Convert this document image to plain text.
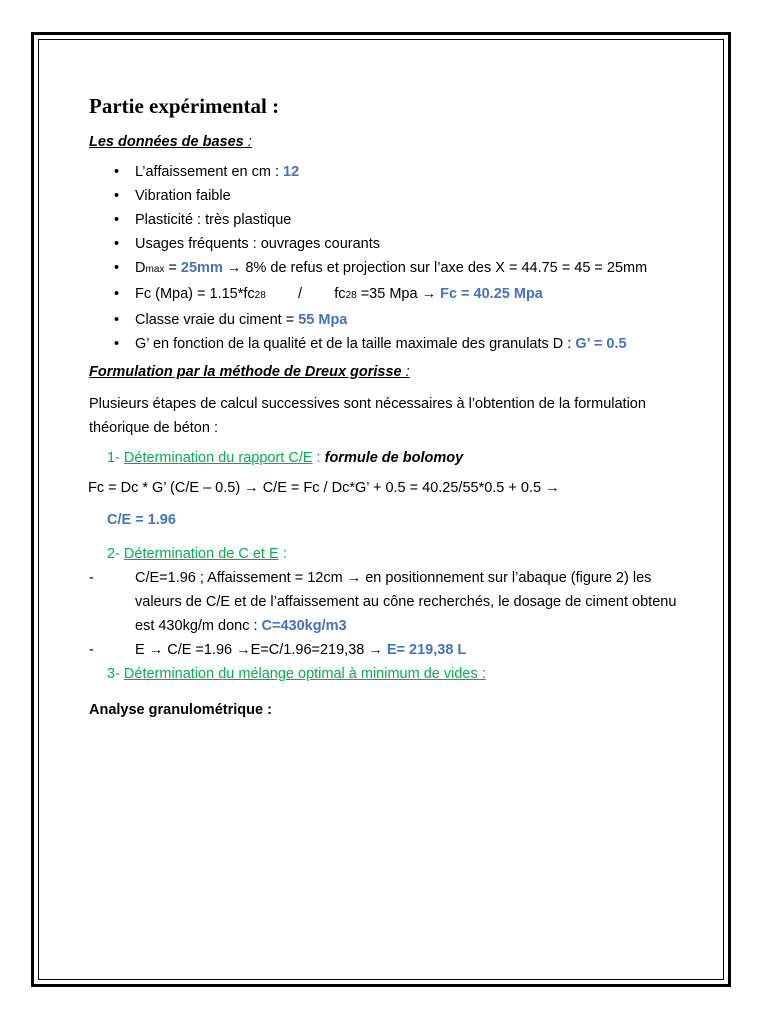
Partie expérimental :

Les données de bases :

• L’affaissement en cm : 12
• Vibration faible
• Plasticité : très plastique
• Usages fréquents : ouvrages courants
• Dmax = 25mm → 8% de refus et projection sur l’axe des X = 44.75 = 45 = 25mm
• Fc (Mpa) = 1.15*fc28        /        fc28 =35 Mpa → Fc = 40.25 Mpa
• Classe vraie du ciment = 55 Mpa
• G’ en fonction de la qualité et de la taille maximale des granulats D : G’ = 0.5

Formulation par la méthode de Dreux gorisse :

Plusieurs étapes de calcul successives sont nécessaires à l’obtention de la formulation théorique de béton :

1- Détermination du rapport C/E : formule de bolomoy

Fc = Dc * G’ (C/E – 0.5) → C/E = Fc / Dc*G’ + 0.5 = 40.25/55*0.5 + 0.5 →

C/E = 1.96

2- Détermination de C et E :

- C/E=1.96 ; Affaissement = 12cm → en positionnement sur l’abaque (figure 2) les valeurs de C/E et de l’affaissement au cône recherchés, le dosage de ciment obtenu est 430kg/m donc : C=430kg/m3

- E → C/E =1.96 →E=C/1.96=219,38 → E= 219,38 L

3- Détermination du mélange optimal à minimum de vides :

Analyse granulométrique :
